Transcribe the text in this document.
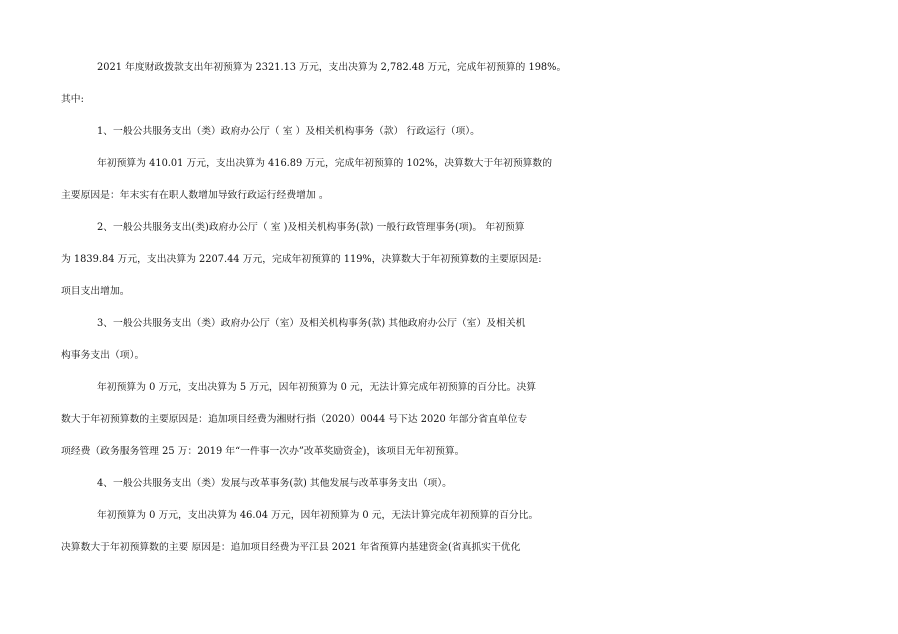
2021 年度财政拨款支出年初预算为 2321.13 万元，支出决算为 2,782.48 万元，完成年初预算的 198%。
其中:
1、一般公共服务支出（类）政府办公厅（ 室 ）及相关机构事务（款） 行政运行（项）。
年初预算为 410.01 万元，支出决算为 416.89 万元，完成年初预算的 102%，决算数大于年初预算数的
主要原因是：年末实有在职人数增加导致行政运行经费增加 。
2、一般公共服务支出(类)政府办公厅（ 室 )及相关机构事务(款) 一般行政管理事务(项)。 年初预算
为 1839.84 万元，支出决算为 2207.44 万元，完成年初预算的 119%，决算数大于年初预算数的主要原因是:
项目支出增加。
3、一般公共服务支出（类）政府办公厅（室）及相关机构事务(款) 其他政府办公厅（室）及相关机
构事务支出（项）。
年初预算为 0 万元，支出决算为 5 万元，因年初预算为 0 元，无法计算完成年初预算的百分比。决算
数大于年初预算数的主要原因是：追加项目经费为湘财行指（2020）0044 号下达 2020 年部分省直单位专
项经费（政务服务管理 25 万：2019 年“一件事一次办”改革奖励资金)，该项目无年初预算。
4、一般公共服务支出（类）发展与改革事务(款) 其他发展与改革事务支出（项）。
年初预算为 0 万元，支出决算为 46.04 万元，因年初预算为 0 元，无法计算完成年初预算的百分比。
决算数大于年初预算数的主要 原因是：追加项目经费为平江县 2021 年省预算内基建资金(省真抓实干优化
